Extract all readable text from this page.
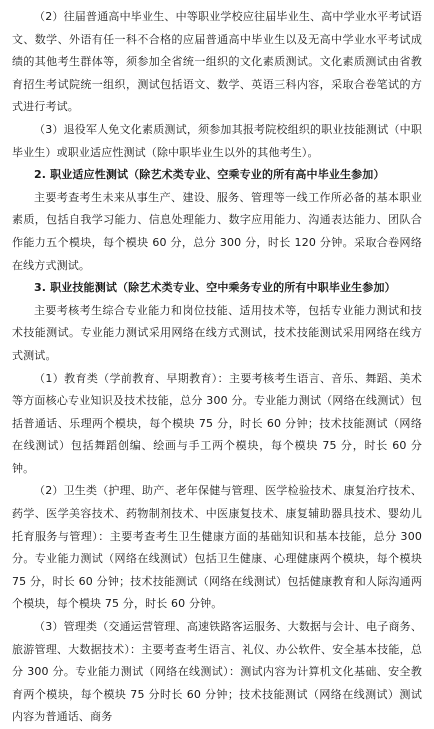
（2）往届普通高中毕业生、中等职业学校应往届毕业生、高中学业水平考试语文、数学、外语有任一科不合格的应届普通高中毕业生以及无高中学业水平考试成绩的其他考生群体等，须参加全省统一组织的文化素质测试。文化素质测试由省教育招生考试院统一组织，测试包括语文、数学、英语三科内容，采取合卷笔试的方式进行考试。

（3）退役军人免文化素质测试，须参加其报考院校组织的职业技能测试（中职毕业生）或职业适应性测试（除中职毕业生以外的其他考生）。

2. 职业适应性测试（除艺术类专业、空乘专业的所有高中毕业生参加）

主要考查考生未来从事生产、建设、服务、管理等一线工作所必备的基本职业素质，包括自我学习能力、信息处理能力、数字应用能力、沟通表达能力、团队合作能力五个模块，每个模块 60 分，总分 300 分，时长 120 分钟。采取合卷网络在线方式测试。

3. 职业技能测试（除艺术类专业、空中乘务专业的所有中职毕业生参加）

主要考核考生综合专业能力和岗位技能、适用技术等，包括专业能力测试和技术技能测试。专业能力测试采用网络在线方式测试，技术技能测试采用网络在线方式测试。

（1）教育类（学前教育、早期教育）：主要考核考生语言、音乐、舞蹈、美术等方面核心专业知识及技术技能，总分 300 分。专业能力测试（网络在线测试）包括普通话、乐理两个模块，每个模块 75 分，时长 60 分钟；技术技能测试（网络在线测试）包括舞蹈创编、绘画与手工两个模块，每个模块 75 分，时长 60 分钟。

（2）卫生类（护理、助产、老年保健与管理、医学检验技术、康复治疗技术、药学、医学美容技术、药物制剂技术、中医康复技术、康复辅助器具技术、婴幼儿托育服务与管理）：主要考查考生卫生健康方面的基础知识和基本技能，总分 300 分。专业能力测试（网络在线测试）包括卫生健康、心理健康两个模块，每个模块 75 分，时长 60 分钟；技术技能测试（网络在线测试）包括健康教育和人际沟通两个模块，每个模块 75 分，时长 60 分钟。

（3）管理类（交通运营管理、高速铁路客运服务、大数据与会计、电子商务、旅游管理、大数据技术）：主要考查考生语言、礼仪、办公软件、安全基本技能，总分 300 分。专业能力测试（网络在线测试）：测试内容为计算机文化基础、安全教育两个模块，每个模块 75 分时长 60 分钟；技术技能测试（网络在线测试）测试内容为普通话、商务
